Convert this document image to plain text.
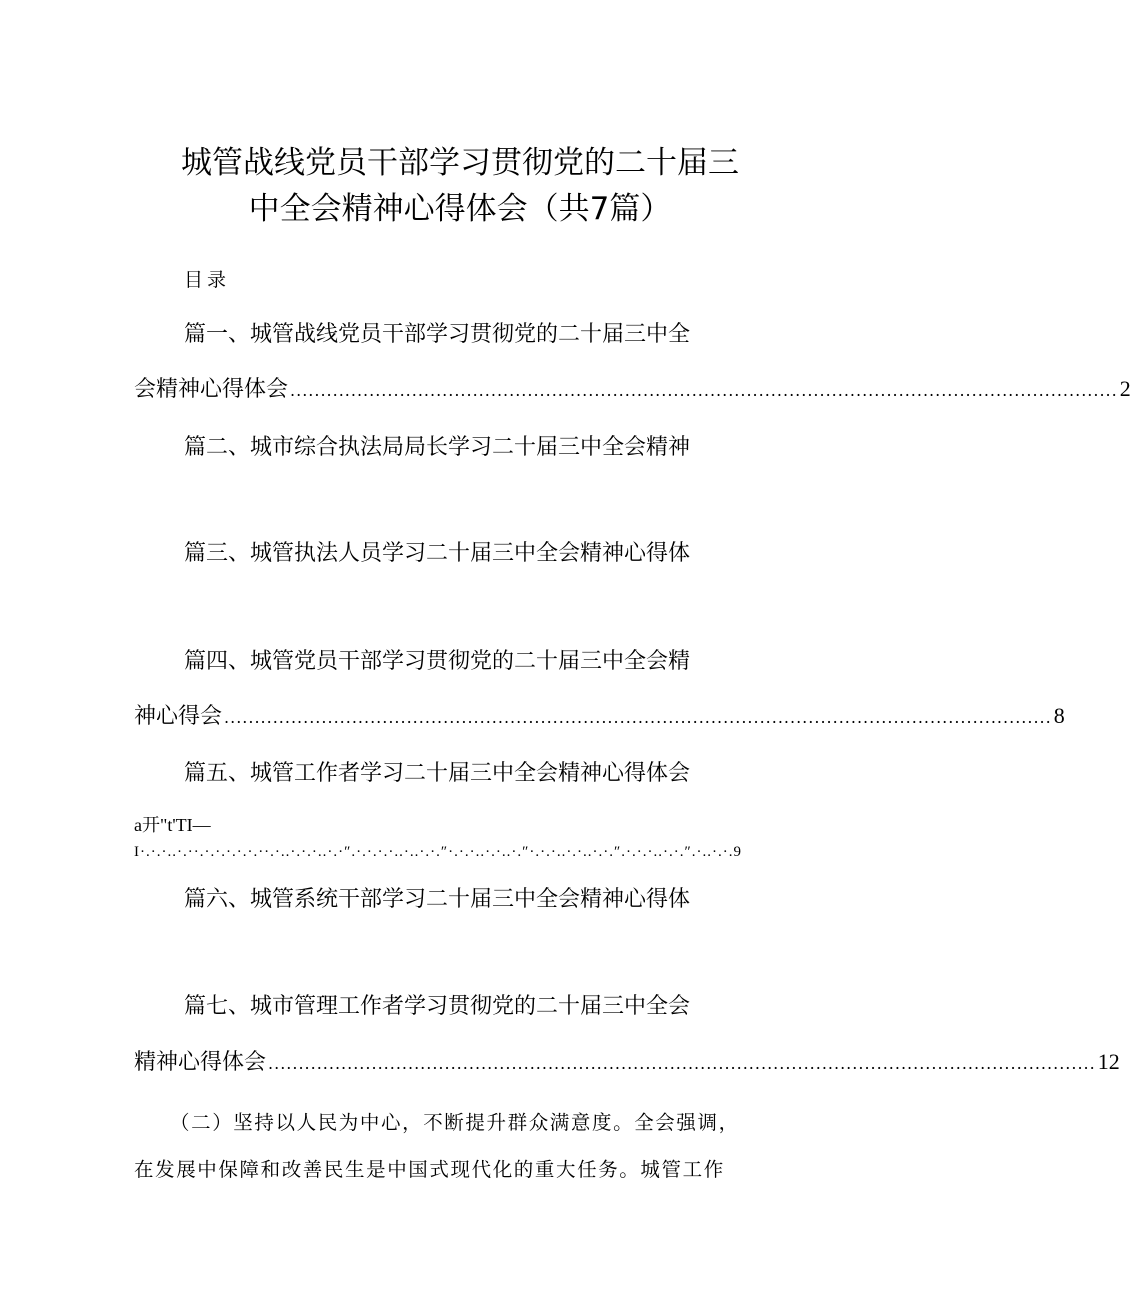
城管战线党员干部学习贯彻党的二十届三
中全会精神心得体会（共7篇）
目录
篇一、城管战线党员干部学习贯彻党的二十届三中全
会精神心得体会 ........................................................................................................................................ 2
篇二、城市综合执法局局长学习二十届三中全会精神
篇三、城管执法人员学习二十届三中全会精神心得体
篇四、城管党员干部学习贯彻党的二十届三中全会精
神心得会 ........................................................................................................................................ 8
篇五、城管工作者学习二十届三中全会精神心得体会
a开"t'TI—
I·.·.·..·.··.·.·.·.·.·.··.·..·.·.·..·.·″.·.·.·.·..·..·.·.″·.·.·..·.·..·.″·.·.·..·.·..·.·.″.·.·.·..·.·.″.·..·.·.9
篇六、城管系统干部学习二十届三中全会精神心得体
篇七、城市管理工作者学习贯彻党的二十届三中全会
精神心得体会 ........................................................................................................................................ 12
（二）坚持以人民为中心，不断提升群众满意度。全会强调，
在发展中保障和改善民生是中国式现代化的重大任务。城管工作
